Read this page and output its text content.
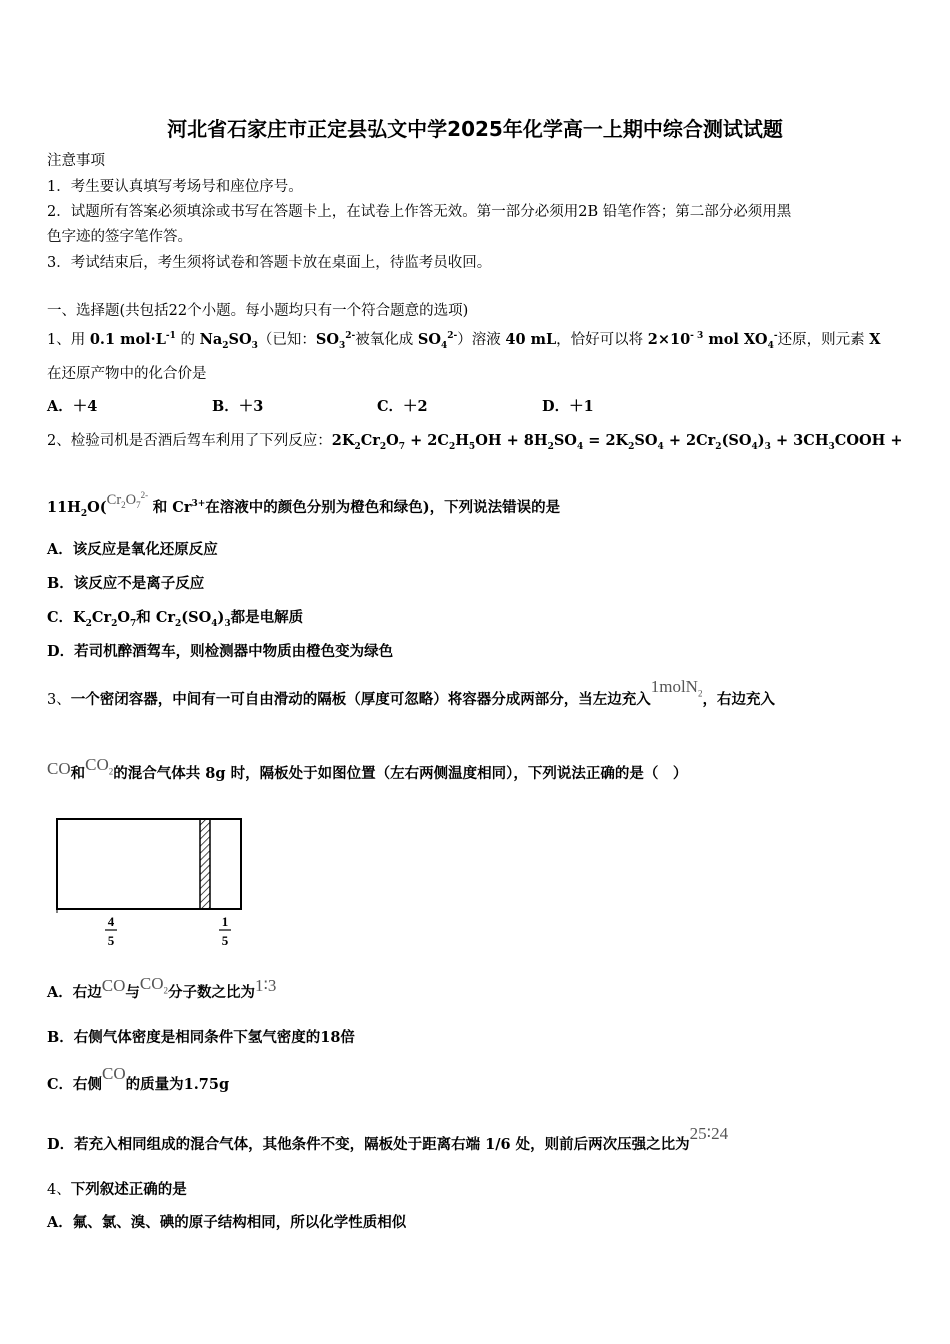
河北省石家庄市正定县弘文中学2025年化学高一上期中综合测试试题
注意事项
1．考生要认真填写考场号和座位序号。
2．试题所有答案必须填涂或书写在答题卡上，在试卷上作答无效。第一部分必须用2B 铅笔作答；第二部分必须用黑
色字迹的签字笔作答。
3．考试结束后，考生须将试卷和答题卡放在桌面上，待监考员收回。
一、选择题(共包括22个小题。每小题均只有一个符合题意的选项)
1、用 0.1 $mol\cdot L^{-1}$ 的 $Na_2SO_3$（已知：$SO_3^{2-}$被氧化成 $SO_4^{2-}$）溶液 40 mL，恰好可以将 $2\times 10^{- 3}$ mol $XO_4^-$还原，则元素 X
在还原产物中的化合价是
A．＋4	B．＋3	C．＋2	D．＋1
2、检验司机是否酒后驾车利用了下列反应：$2K_2Cr_2O_7 + 2C_2H_5OH + 8H_2SO_4 = 2K_2SO_4 + 2Cr_2(SO_4)_3$ + $3CH_3COOH$ +
$11H_2O(Cr_2O_7^{2-}$ 和 $Cr^{3+}$在溶液中的颜色分别为橙色和绿色)，下列说法错误的是
A．该反应是氧化还原反应
B．该反应不是离子反应
C．$K_2Cr_2O_7$和 $Cr_2(SO_4)_3$都是电解质
D．若司机醉酒驾车，则检测器中物质由橙色变为绿色
3、一个密闭容器，中间有一可自由滑动的隔板（厚度可忽略）将容器分成两部分，当左边充入1molN$_2$，右边充入
CO和$CO_2$的混合气体共 8g 时，隔板处于如图位置（左右两侧温度相同），下列说法正确的是（　）
4
5
1
5
A．右边CO与$CO_2$分子数之比为1∶3
B．右侧气体密度是相同条件下氢气密度的18倍
C．右侧CO的质量为1.75g
D．若充入相同组成的混合气体，其他条件不变，隔板处于距离右端 1/6 处，则前后两次压强之比为25∶24
4、下列叙述正确的是
A．氟、氯、溴、碘的原子结构相同，所以化学性质相似
